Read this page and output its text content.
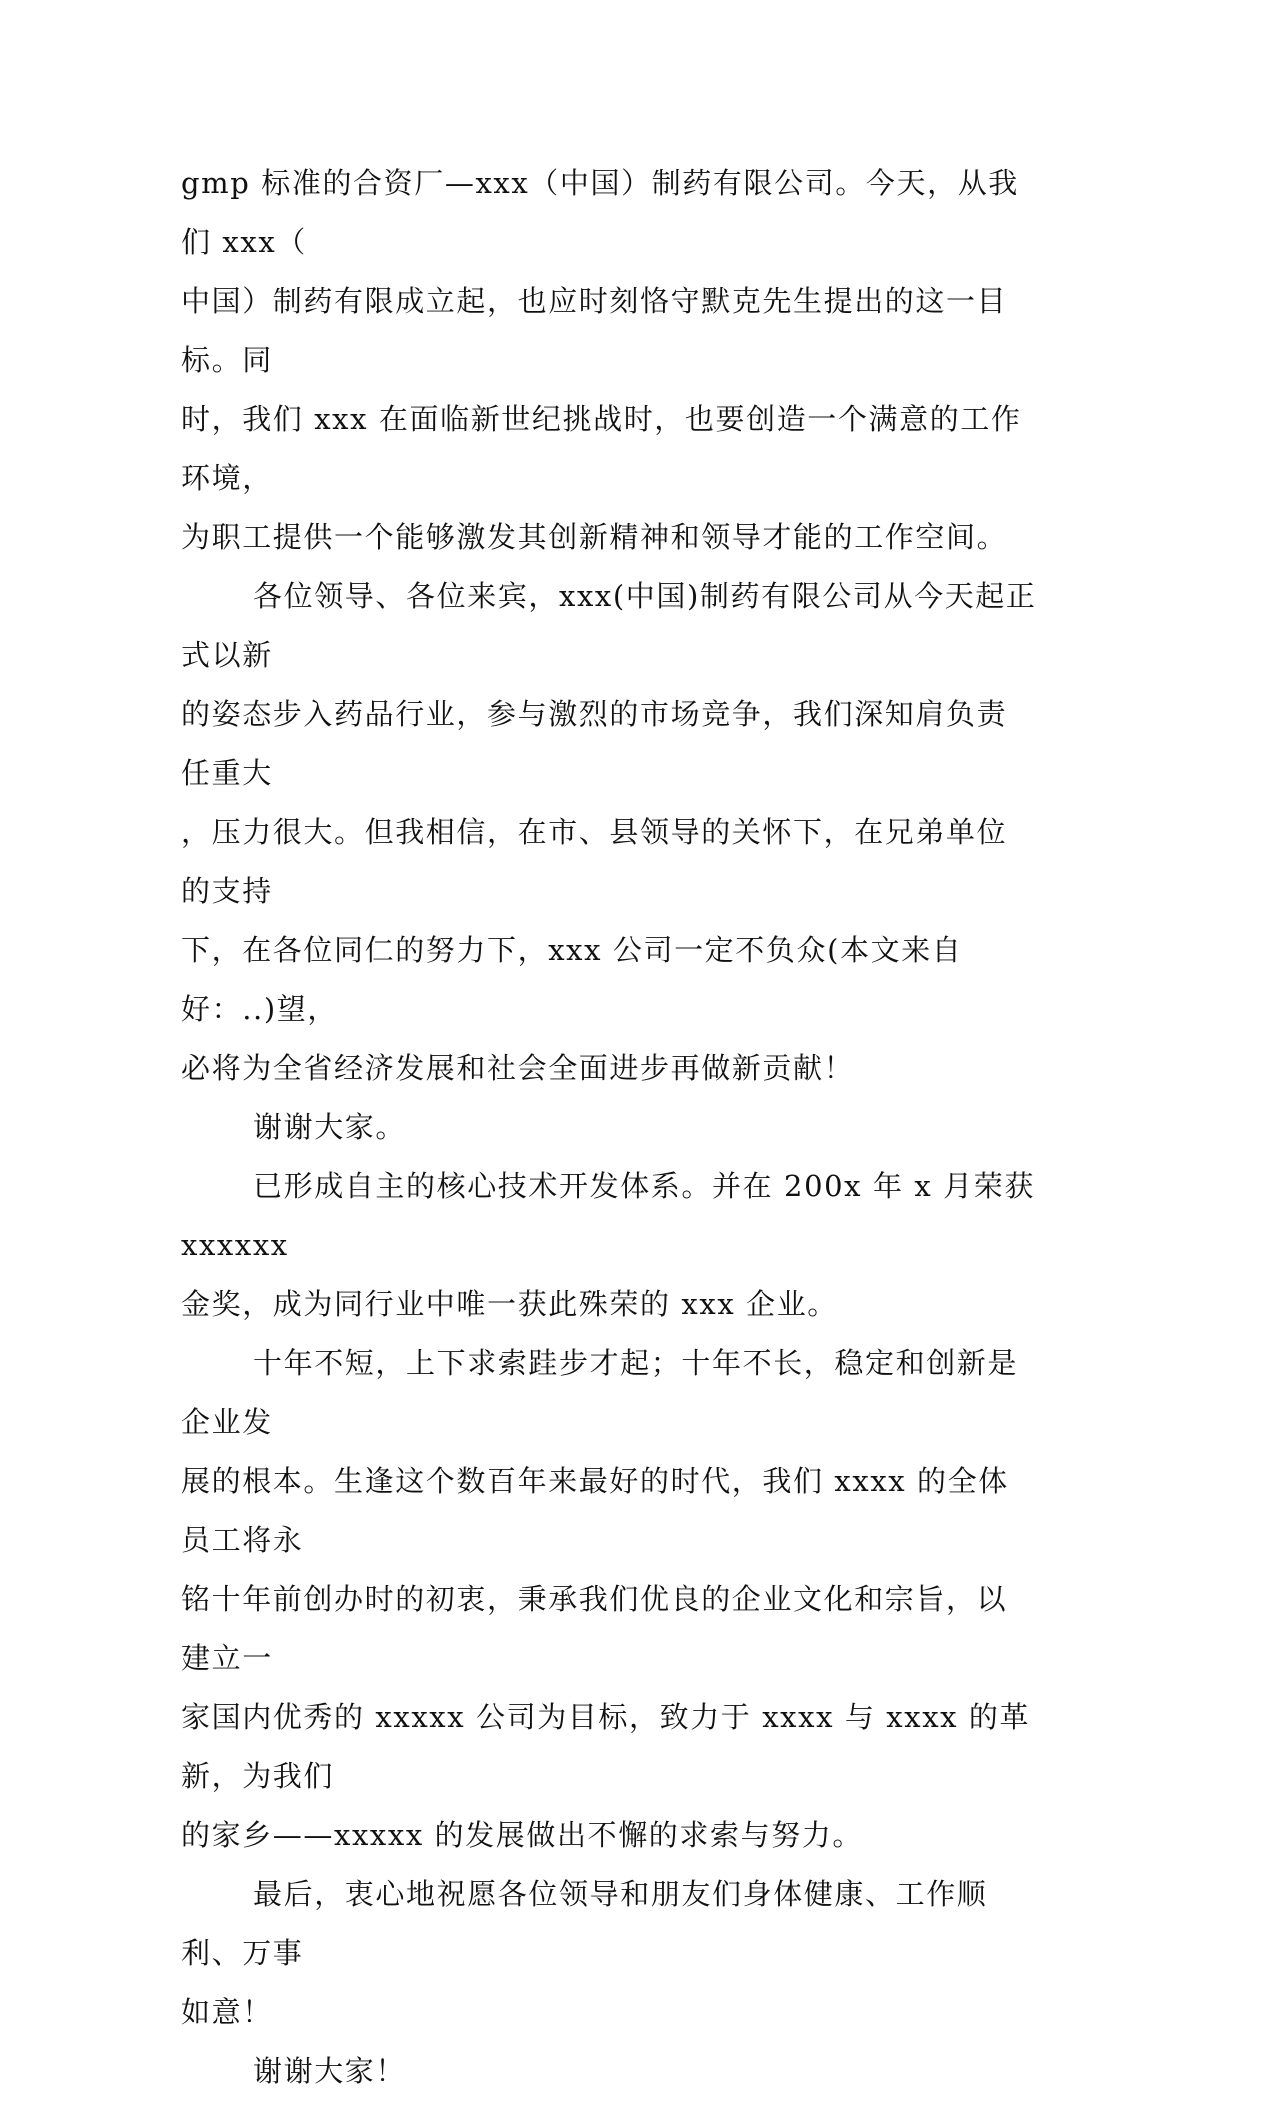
gmp 标准的合资厂—xxx（中国）制药有限公司。今天，从我们 xxx（
中国）制药有限成立起，也应时刻恪守默克先生提出的这一目标。同
时，我们 xxx 在面临新世纪挑战时，也要创造一个满意的工作环境，
为职工提供一个能够激发其创新精神和领导才能的工作空间。

各位领导、各位来宾，xxx(中国)制药有限公司从今天起正式以新
的姿态步入药品行业，参与激烈的市场竞争，我们深知肩负责任重大
，压力很大。但我相信，在市、县领导的关怀下，在兄弟单位的支持
下，在各位同仁的努力下，xxx 公司一定不负众(本文来自好：..)望，
必将为全省经济发展和社会全面进步再做新贡献！

谢谢大家。

已形成自主的核心技术开发体系。并在 200x 年 x 月荣获 xxxxxx
金奖，成为同行业中唯一获此殊荣的 xxx 企业。

十年不短，上下求索跬步才起；十年不长，稳定和创新是企业发
展的根本。生逢这个数百年来最好的时代，我们 xxxx 的全体员工将永
铭十年前创办时的初衷，秉承我们优良的企业文化和宗旨，以建立一
家国内优秀的 xxxxx 公司为目标，致力于 xxxx 与 xxxx 的革新，为我们
的家乡——xxxxx 的发展做出不懈的求索与努力。

最后，衷心地祝愿各位领导和朋友们身体健康、工作顺利、万事
如意！

谢谢大家！
